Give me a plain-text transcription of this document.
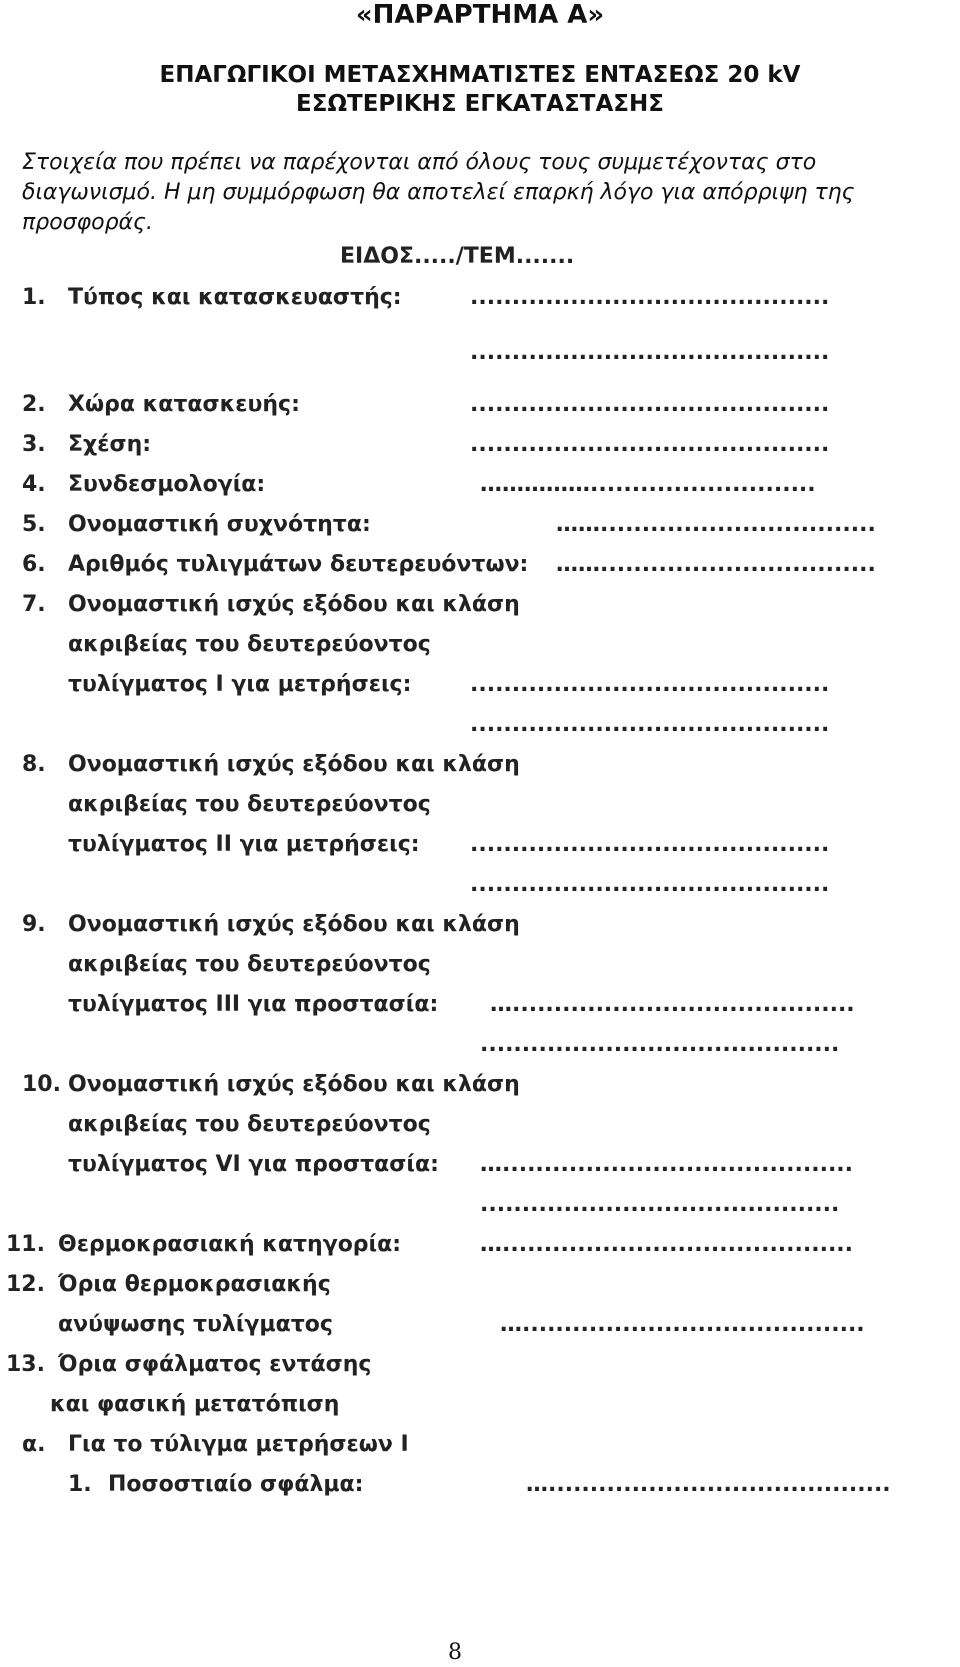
«ΠΑΡΑΡΤΗΜΑ Α»
ΕΠΑΓΩΓΙΚΟΙ ΜΕΤΑΣΧΗΜΑΤΙΣΤΕΣ ΕΝΤΑΣΕΩΣ 20 kV
ΕΣΩΤΕΡΙΚΗΣ ΕΓΚΑΤΑΣΤΑΣΗΣ
Στοιχεία που πρέπει να παρέχονται από όλους τους συμμετέχοντας στο
διαγωνισμό. Η μη συμμόρφωση θα αποτελεί επαρκή λόγο για απόρριψη της
προσφοράς.
ΕΙΔΟΣ...../ΤΕΜ.......
1. Τύπος και κατασκευαστής:	...........................................
...........................................
2. Χώρα κατασκευής:	...........................................
3. Σχέση:	...........................................
4. Συνδεσμολογία:	……………...........................
5. Ονομαστική συχνότητα:	…….................................
6. Αριθμός τυλιγμάτων δευτερευόντων: …….................................
7. Ονομαστική ισχύς εξόδου και κλάση
ακριβείας του δευτερεύοντος
τυλίγματος Ι για μετρήσεις:	...........................................
...........................................
8. Ονομαστική ισχύς εξόδου και κλάση
ακριβείας του δευτερεύοντος
τυλίγματος ΙΙ για μετρήσεις: ...........................................
...........................................
9. Ονομαστική ισχύς εξόδου και κλάση
ακριβείας του δευτερεύοντος
τυλίγματος ΙΙΙ για προστασία: ….........................................
...........................................
10. Ονομαστική ισχύς εξόδου και κλάση
ακριβείας του δευτερεύοντος
τυλίγματος VI για προστασία: …..........................................
...........................................
11. Θερμοκρασιακή κατηγορία:	…..........................................
12. Όρια θερμοκρασιακής
ανύψωσης τυλίγματος	….........................................
13. Όρια σφάλματος εντάσης
και φασική μετατόπιση
α. Για το τύλιγμα μετρήσεων Ι
1. Ποσοστιαίο σφάλμα:	….........................................
8
